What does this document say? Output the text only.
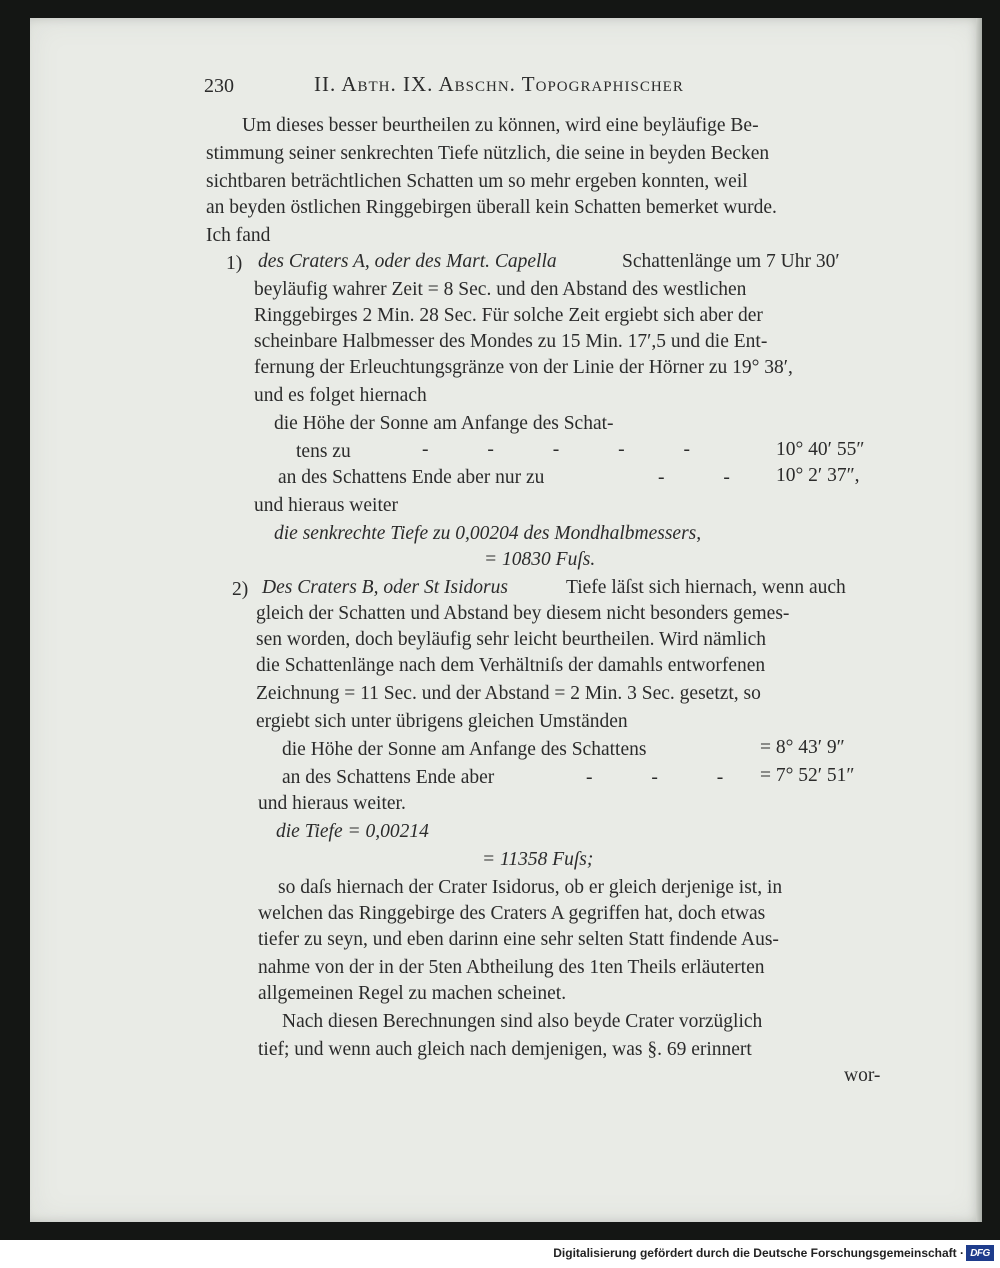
230	II. Abth. IX. Abschn. Topographischer
Um dieses besser beurtheilen zu können, wird eine beyläufige Be-
stimmung seiner senkrechten Tiefe nützlich, die seine in beyden Becken
sichtbaren beträchtlichen Schatten um so mehr ergeben konnten, weil
an beyden östlichen Ringgebirgen überall kein Schatten bemerket wurde.
Ich fand
1) des Craters A, oder des Mart. Capella	Schattenlänge um 7 Uhr 30′
beyläufig wahrer Zeit = 8 Sec. und den Abstand des westlichen
Ringgebirges 2 Min. 28 Sec. Für solche Zeit ergiebt sich aber der
scheinbare Halbmesser des Mondes zu 15 Min. 17′,5 und die Ent-
fernung der Erleuchtungsgränze von der Linie der Hörner zu 19° 38′,
und es folget hiernach
die Höhe der Sonne am Anfange des Schat-
tens zu	- - - - -	10° 40′ 55″
an des Schattens Ende aber nur zu	- - 10° 2′ 37″,
und hieraus weiter
die senkrechte Tiefe zu 0,00204 des Mondhalbmessers,
= 10830 Fuſs.
2) Des Craters B, oder St Isidorus	Tiefe läſst sich hiernach, wenn auch
gleich der Schatten und Abstand bey diesem nicht besonders gemes-
sen worden, doch beyläufig sehr leicht beurtheilen. Wird nämlich
die Schattenlänge nach dem Verhältniſs der damahls entworfenen
Zeichnung = 11 Sec. und der Abstand = 2 Min. 3 Sec. gesetzt, so
ergiebt sich unter übrigens gleichen Umständen
die Höhe der Sonne am Anfange des Schattens	= 8° 43′ 9″
an des Schattens Ende aber	- - - = 7° 52′ 51″
und hieraus weiter.
die Tiefe = 0,00214
= 11358 Fuſs;
so daſs hiernach der Crater Isidorus, ob er gleich derjenige ist, in
welchen das Ringgebirge des Craters A gegriffen hat, doch etwas
tiefer zu seyn, und eben darinn eine sehr selten Statt findende Aus-
nahme von der in der 5ten Abtheilung des 1ten Theils erläuterten
allgemeinen Regel zu machen scheinet.
Nach diesen Berechnungen sind also beyde Crater vorzüglich
tief; und wenn auch gleich nach demjenigen, was §. 69 erinnert
wor-
Digitalisierung gefördert durch die Deutsche Forschungsgemeinschaft · DFG
